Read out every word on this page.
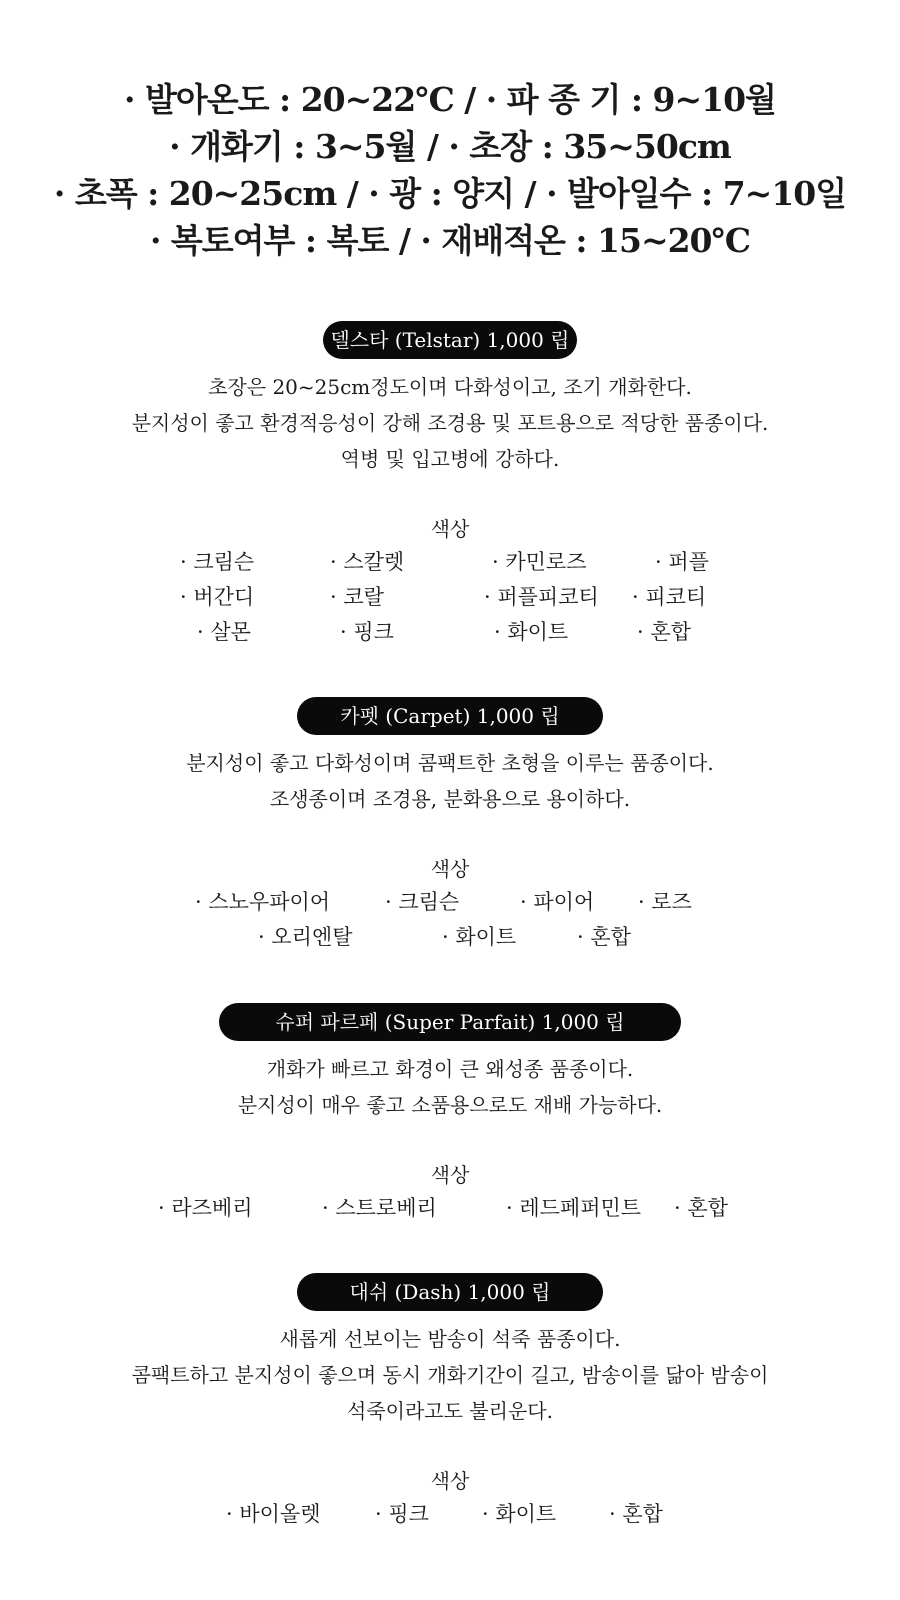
· 발아온도 : 20~22℃ / · 파 종 기 : 9~10월
· 개화기 : 3~5월 / · 초장 : 35~50cm
· 초폭 : 20~25cm / · 광 : 양지 / · 발아일수 : 7~10일
· 복토여부 : 복토 / · 재배적온 : 15~20℃
델스타 (Telstar) 1,000 립
초장은 20~25cm정도이며 다화성이고, 조기 개화한다.
분지성이 좋고 환경적응성이 강해 조경용 및 포트용으로 적당한 품종이다.
역병 및 입고병에 강하다.
색상
· 크림슨	· 스칼렛	· 카민로즈	· 퍼플
· 버간디	· 코랄	· 퍼플피코티 · 피코티
· 살몬	· 핑크	· 화이트	· 혼합
카펫 (Carpet) 1,000 립
분지성이 좋고 다화성이며 콤팩트한 초형을 이루는 품종이다.
조생종이며 조경용, 분화용으로 용이하다.
색상
· 스노우파이어	· 크림슨	· 파이어 · 로즈
· 오리엔탈	· 화이트	· 혼합
슈퍼 파르페 (Super Parfait) 1,000 립
개화가 빠르고 화경이 큰 왜성종 품종이다.
분지성이 매우 좋고 소품용으로도 재배 가능하다.
색상
· 라즈베리	· 스트로베리	· 레드페퍼민트 · 혼합
대쉬 (Dash) 1,000 립
새롭게 선보이는 밤송이 석죽 품종이다.
콤팩트하고 분지성이 좋으며 동시 개화기간이 길고, 밤송이를 닮아 밤송이
석죽이라고도 불리운다.
색상
· 바이올렛	· 핑크	· 화이트	· 혼합
